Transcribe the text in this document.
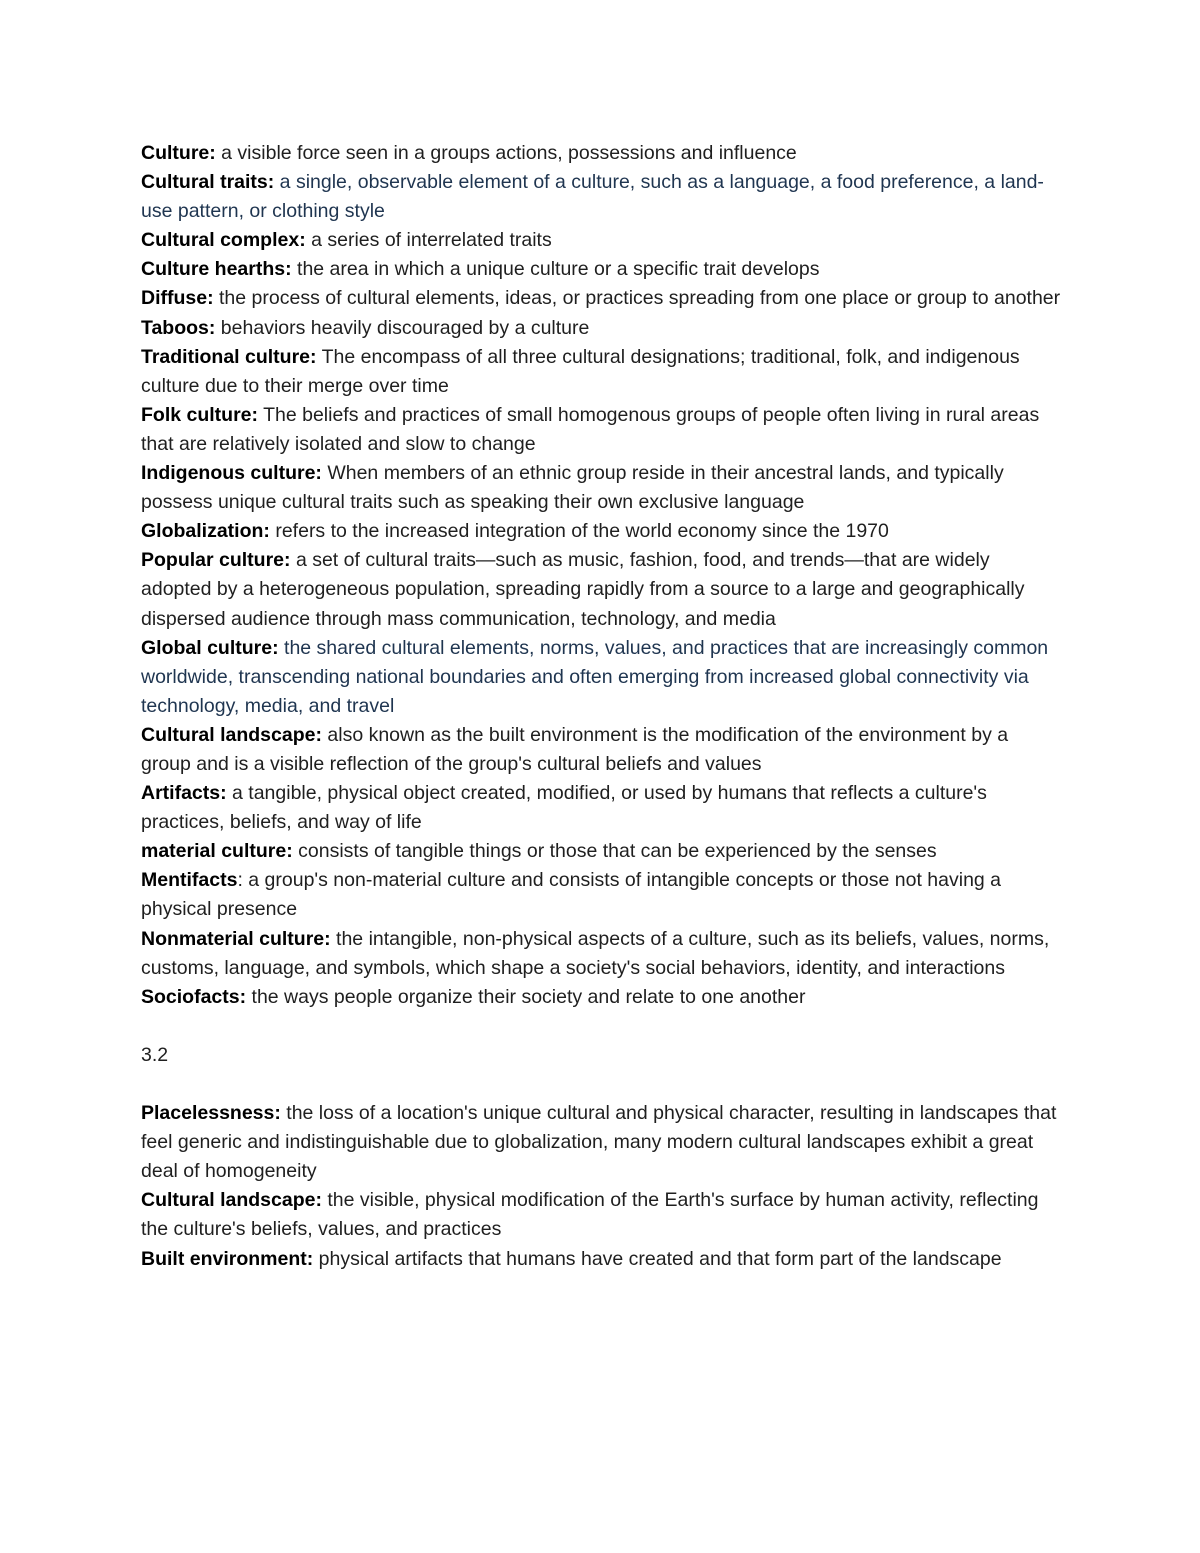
Culture: a visible force seen in a groups actions, possessions and influence

Cultural traits: a single, observable element of a culture, such as a language, a food preference, a land-use pattern, or clothing style

Cultural complex: a series of interrelated traits

Culture hearths: the area in which a unique culture or a specific trait develops

Diffuse: the process of cultural elements, ideas, or practices spreading from one place or group to another

Taboos: behaviors heavily discouraged by a culture

Traditional culture: The encompass of all three cultural designations; traditional, folk, and indigenous culture due to their merge over time

Folk culture: The beliefs and practices of small homogenous groups of people often living in rural areas that are relatively isolated and slow to change

Indigenous culture: When members of an ethnic group reside in their ancestral lands, and typically possess unique cultural traits such as speaking their own exclusive language

Globalization: refers to the increased integration of the world economy since the 1970

Popular culture: a set of cultural traits—such as music, fashion, food, and trends—that are widely adopted by a heterogeneous population, spreading rapidly from a source to a large and geographically dispersed audience through mass communication, technology, and media

Global culture: the shared cultural elements, norms, values, and practices that are increasingly common worldwide, transcending national boundaries and often emerging from increased global connectivity via technology, media, and travel

Cultural landscape: also known as the built environment is the modification of the environment by a group and is a visible reflection of the group's cultural beliefs and values

Artifacts: a tangible, physical object created, modified, or used by humans that reflects a culture's practices, beliefs, and way of life

material culture: consists of tangible things or those that can be experienced by the senses

Mentifacts: a group's non-material culture and consists of intangible concepts or those not having a physical presence

Nonmaterial culture: the intangible, non-physical aspects of a culture, such as its beliefs, values, norms, customs, language, and symbols, which shape a society's social behaviors, identity, and interactions

Sociofacts: the ways people organize their society and relate to one another

3.2

Placelessness: the loss of a location's unique cultural and physical character, resulting in landscapes that feel generic and indistinguishable due to globalization, many modern cultural landscapes exhibit a great deal of homogeneity

Cultural landscape: the visible, physical modification of the Earth's surface by human activity, reflecting the culture's beliefs, values, and practices

Built environment: physical artifacts that humans have created and that form part of the landscape
